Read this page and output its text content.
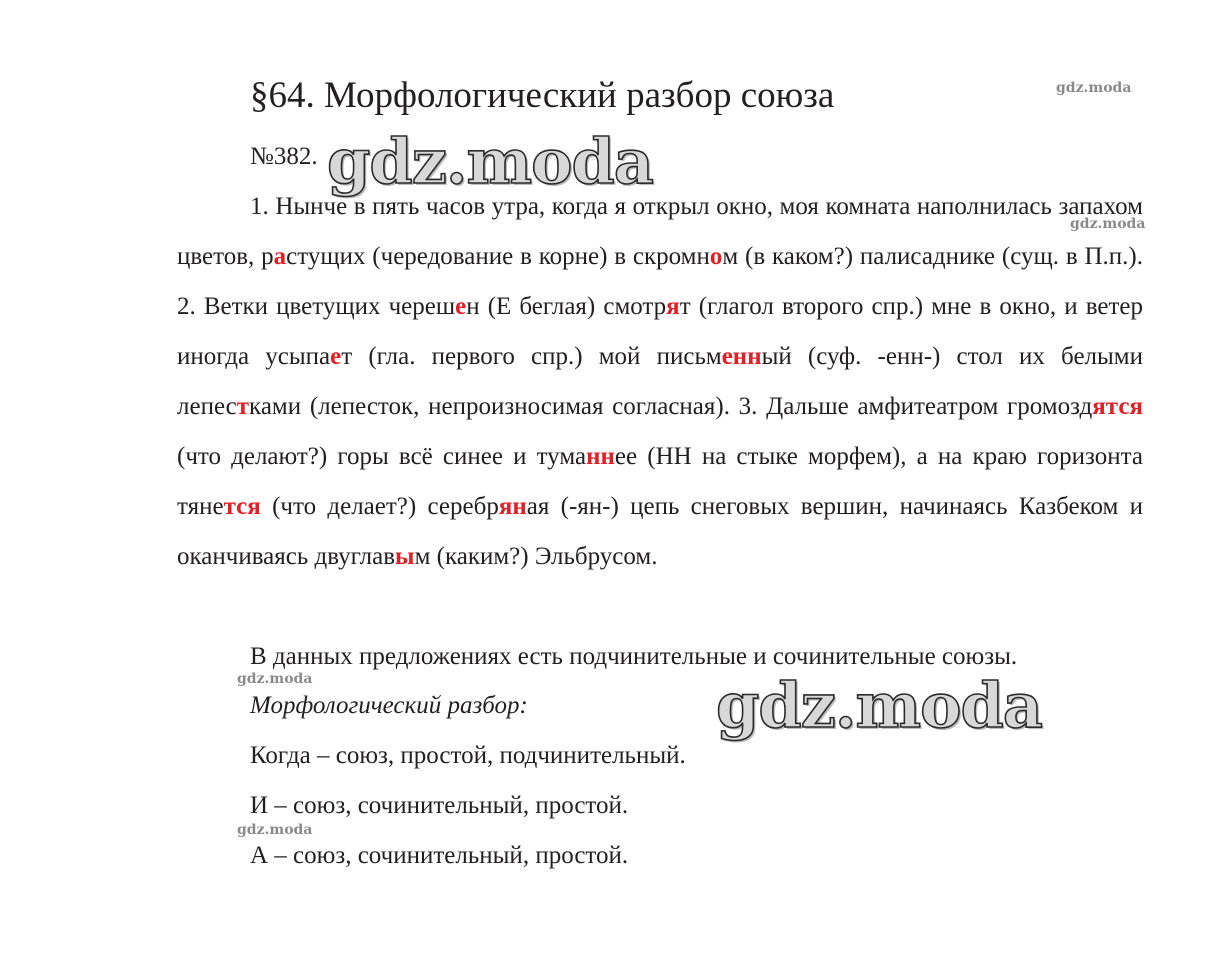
§64. Морфологический разбор союза
№382.

1. Нынче в пять часов утра, когда я открыл окно, моя комната наполнилась запахом цветов, растущих (чередование в корне) в скромном (в каком?) палисаднике (сущ. в П.п.). 2. Ветки цветущих черешен (Е беглая) смотрят (глагол второго спр.) мне в окно, и ветер иногда усыпает (гла. первого спр.) мой письменный (суф. -енн-) стол их белыми лепестками (лепесток, непроизносимая согласная). 3. Дальше амфитеатром громоздятся (что делают?) горы всё синее и туманнее (НН на стыке морфем), а на краю горизонта тянется (что делает?) серебряная (-ян-) цепь снеговых вершин, начинаясь Казбеком и оканчиваясь двуглавым (каким?) Эльбрусом.

В данных предложениях есть подчинительные и сочинительные союзы.
Морфологический разбор:
Когда – союз, простой, подчинительный.
И – союз, сочинительный, простой.
А – союз, сочинительный, простой.
gdz.moda
gdz.moda
gdz.moda
gdz.moda
gdz.moda
gdz.moda
